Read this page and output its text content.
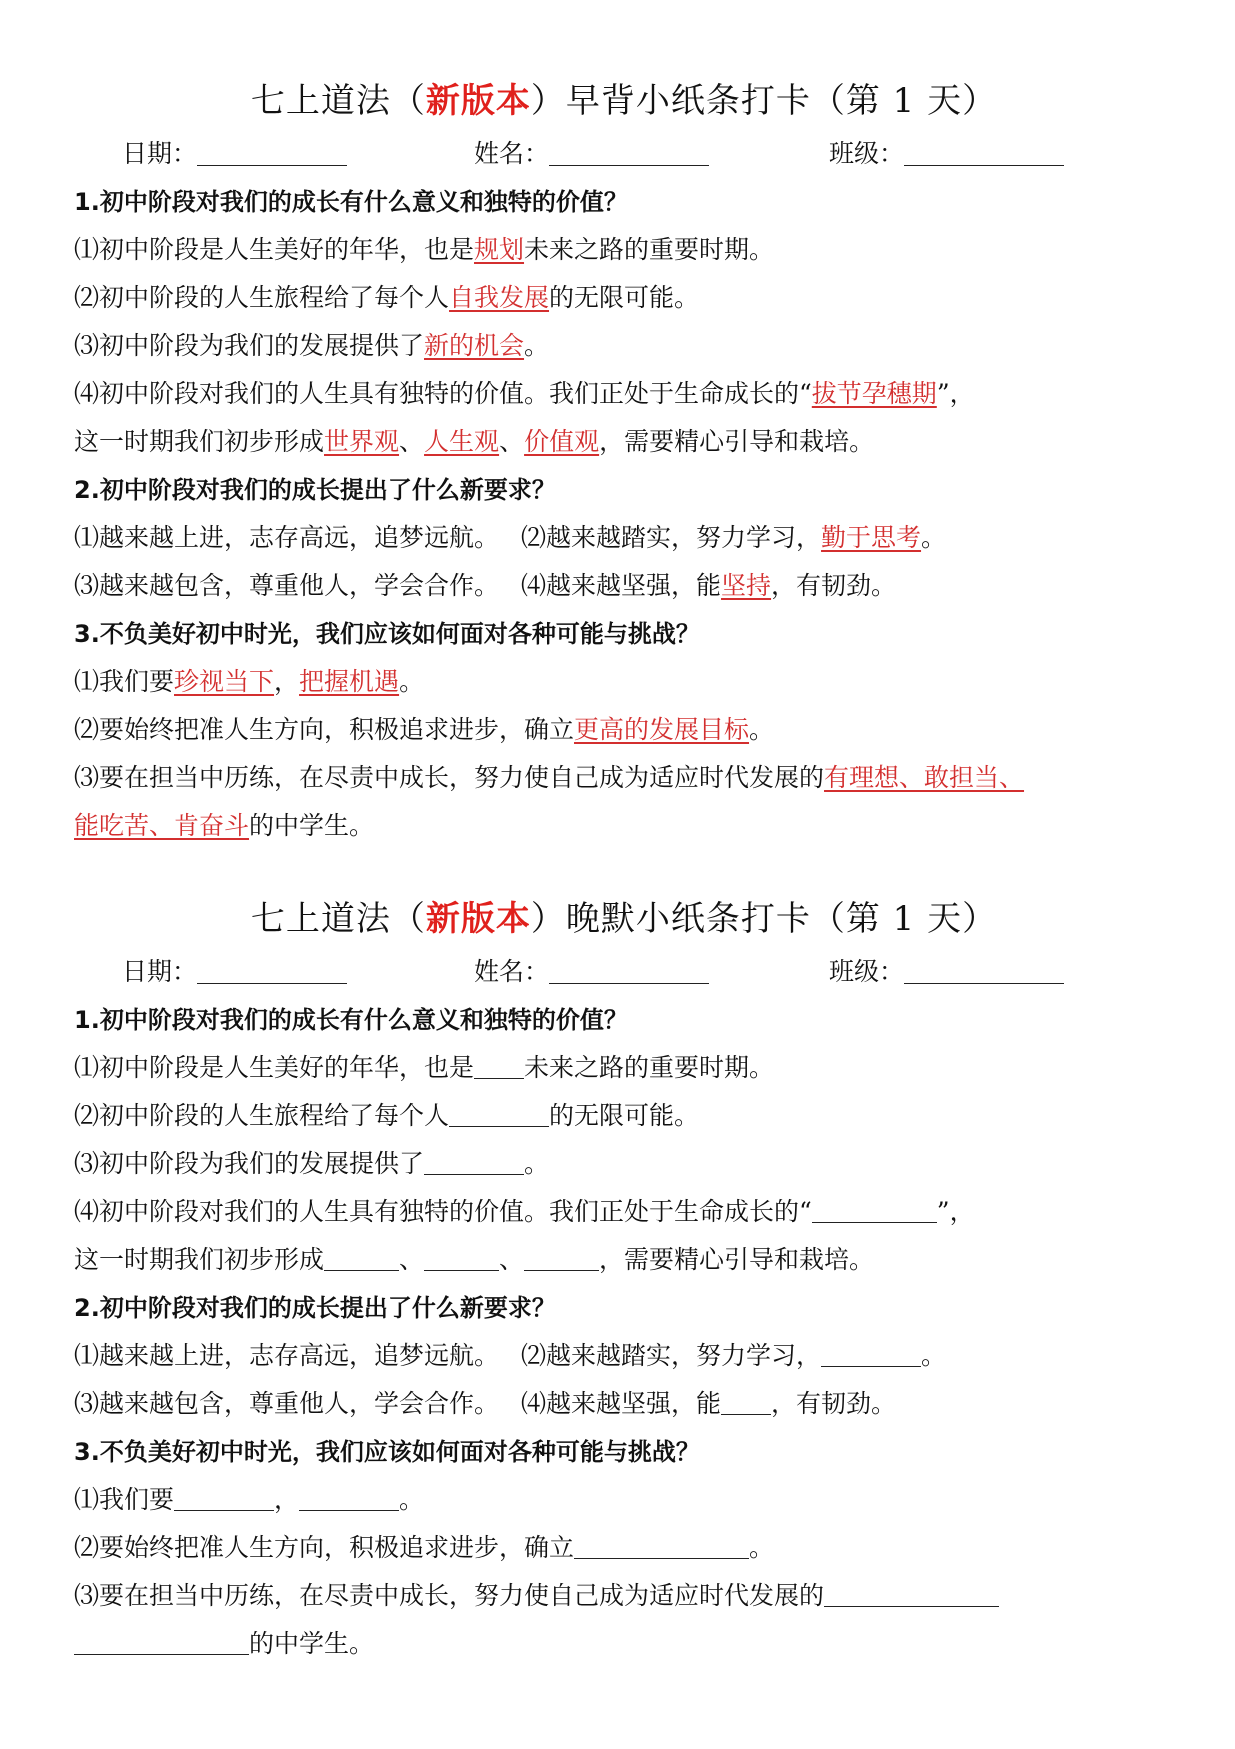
七上道法（新版本）早背小纸条打卡（第 1 天）
日期：	姓名：	班级：
1.初中阶段对我们的成长有什么意义和独特的价值？
⑴初中阶段是人生美好的年华，也是规划未来之路的重要时期。
⑵初中阶段的人生旅程给了每个人自我发展的无限可能。
⑶初中阶段为我们的发展提供了新的机会。
⑷初中阶段对我们的人生具有独特的价值。我们正处于生命成长的“拔节孕穗期”，
这一时期我们初步形成世界观、人生观、价值观，需要精心引导和栽培。
2.初中阶段对我们的成长提出了什么新要求？
⑴越来越上进，志存高远，追梦远航。 ⑵越来越踏实，努力学习，勤于思考。
⑶越来越包含，尊重他人，学会合作。 ⑷越来越坚强，能坚持，有韧劲。
3.不负美好初中时光，我们应该如何面对各种可能与挑战？
⑴我们要珍视当下，把握机遇。
⑵要始终把准人生方向，积极追求进步，确立更高的发展目标。
⑶要在担当中历练，在尽责中成长，努力使自己成为适应时代发展的有理想、敢担当、
能吃苦、肯奋斗的中学生。
七上道法（新版本）晚默小纸条打卡（第 1 天）
日期：	姓名：	班级：
1.初中阶段对我们的成长有什么意义和独特的价值？
⑴初中阶段是人生美好的年华，也是 未来之路的重要时期。
⑵初中阶段的人生旅程给了每个人	的无限可能。
⑶初中阶段为我们的发展提供了	。
⑷初中阶段对我们的人生具有独特的价值。我们正处于生命成长的“	”，
这一时期我们初步形成	、	、	，需要精心引导和栽培。
2.初中阶段对我们的成长提出了什么新要求？
⑴越来越上进，志存高远，追梦远航。 ⑵越来越踏实，努力学习，	。
⑶越来越包含，尊重他人，学会合作。 ⑷越来越坚强，能 ，有韧劲。
3.不负美好初中时光，我们应该如何面对各种可能与挑战？
⑴我们要	，	。
⑵要始终把准人生方向，积极追求进步，确立	。
⑶要在担当中历练，在尽责中成长，努力使自己成为适应时代发展的
的中学生。
